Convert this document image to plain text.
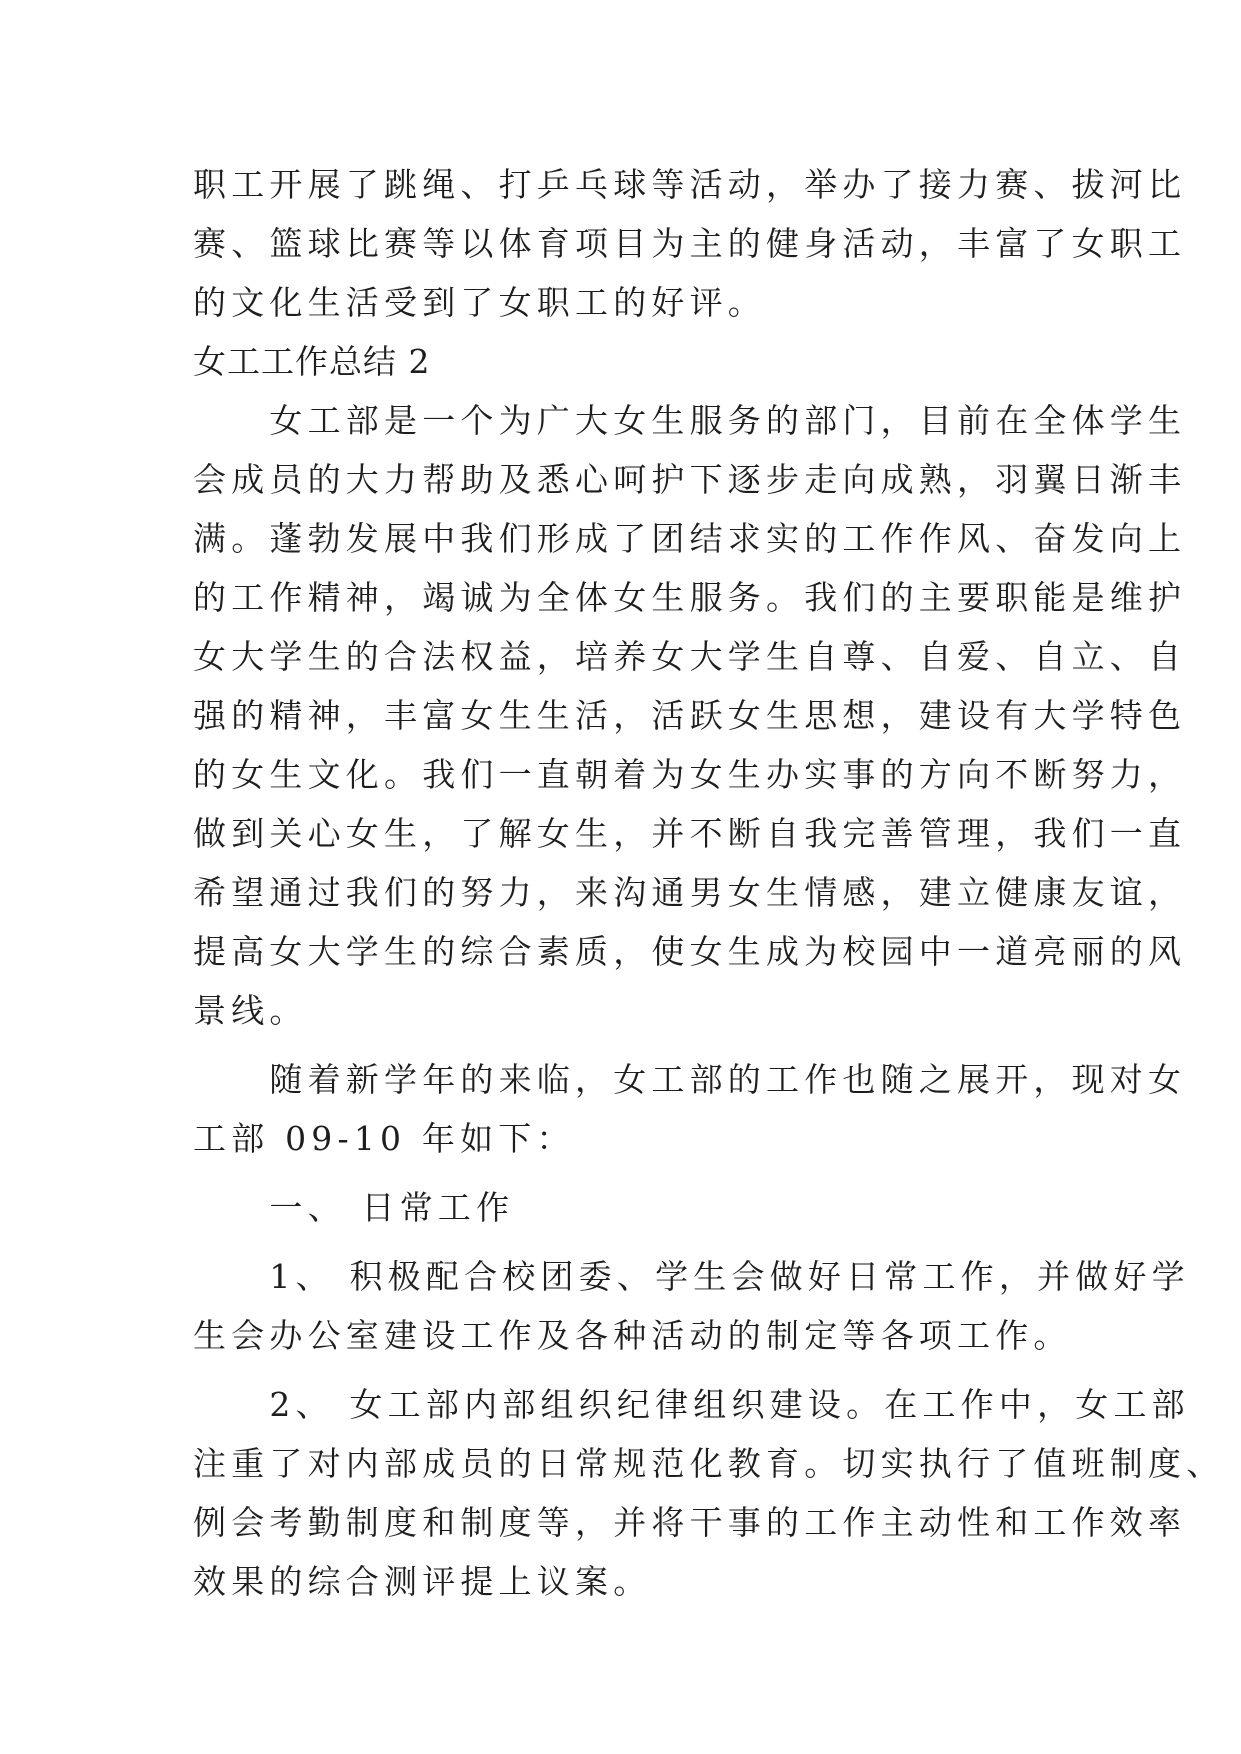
职工开展了跳绳、打乒乓球等活动，举办了接力赛、拔河比
赛、篮球比赛等以体育项目为主的健身活动，丰富了女职工
的文化生活受到了女职工的好评。
女工工作总结 2
　　女工部是一个为广大女生服务的部门，目前在全体学生
会成员的大力帮助及悉心呵护下逐步走向成熟，羽翼日渐丰
满。蓬勃发展中我们形成了团结求实的工作作风、奋发向上
的工作精神，竭诚为全体女生服务。我们的主要职能是维护
女大学生的合法权益，培养女大学生自尊、自爱、自立、自
强的精神，丰富女生生活，活跃女生思想，建设有大学特色
的女生文化。我们一直朝着为女生办实事的方向不断努力，
做到关心女生，了解女生，并不断自我完善管理，我们一直
希望通过我们的努力，来沟通男女生情感，建立健康友谊，
提高女大学生的综合素质，使女生成为校园中一道亮丽的风
景线。
　　随着新学年的来临，女工部的工作也随之展开，现对女
工部 09-10 年如下：
　　一、 日常工作
　　1、 积极配合校团委、学生会做好日常工作，并做好学
生会办公室建设工作及各种活动的制定等各项工作。
　　2、 女工部内部组织纪律组织建设。在工作中，女工部
注重了对内部成员的日常规范化教育。切实执行了值班制度、
例会考勤制度和制度等，并将干事的工作主动性和工作效率
效果的综合测评提上议案。
